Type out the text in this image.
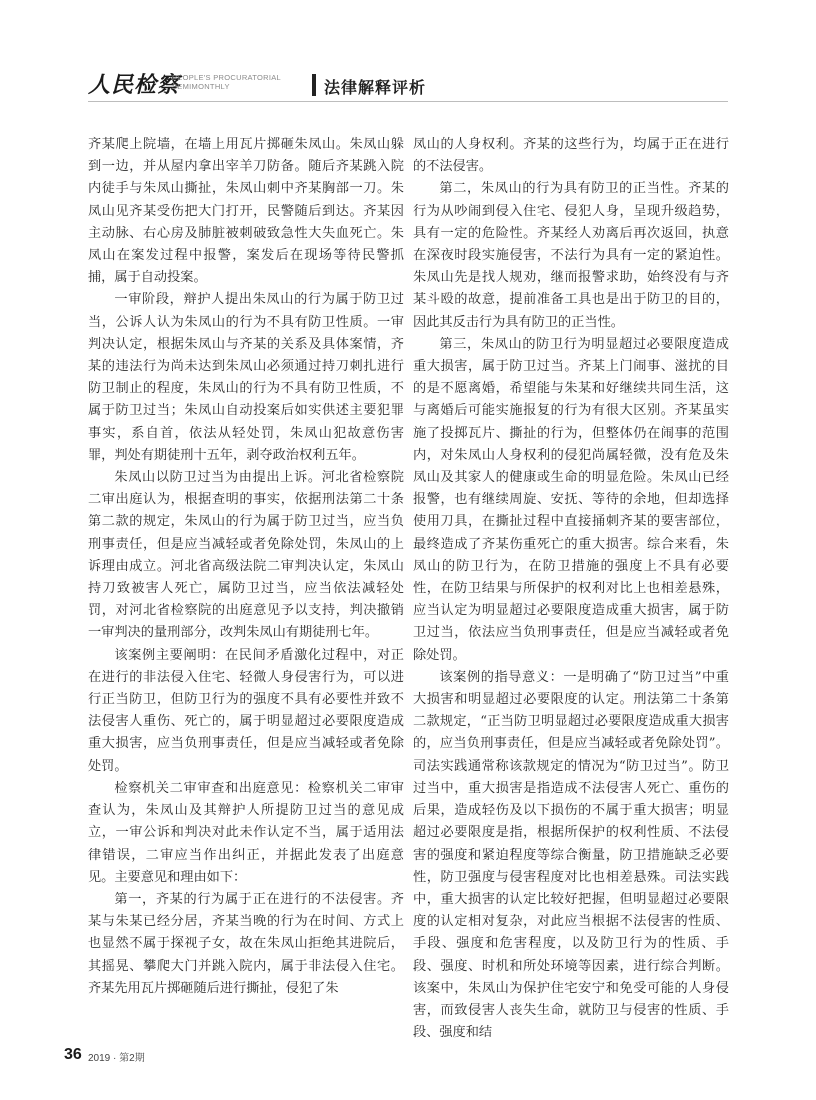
人民检察
PEOPLE'S PROCURATORIAL
SEMIMONTHLY	法律解释评析

齐某爬上院墙，在墙上用瓦片掷砸朱凤山。朱凤山躲到一边，并从屋内拿出宰羊刀防备。随后齐某跳入院内徒手与朱凤山撕扯，朱凤山刺中齐某胸部一刀。朱凤山见齐某受伤把大门打开，民警随后到达。齐某因主动脉、右心房及肺脏被刺破致急性大失血死亡。朱凤山在案发过程中报警，案发后在现场等待民警抓捕，属于自动投案。

一审阶段，辩护人提出朱凤山的行为属于防卫过当，公诉人认为朱凤山的行为不具有防卫性质。一审判决认定，根据朱凤山与齐某的关系及具体案情，齐某的违法行为尚未达到朱凤山必须通过持刀刺扎进行防卫制止的程度，朱凤山的行为不具有防卫性质，不属于防卫过当；朱凤山自动投案后如实供述主要犯罪事实，系自首，依法从轻处罚，朱凤山犯故意伤害罪，判处有期徒刑十五年，剥夺政治权利五年。

朱凤山以防卫过当为由提出上诉。河北省检察院二审出庭认为，根据查明的事实，依据刑法第二十条第二款的规定，朱凤山的行为属于防卫过当，应当负刑事责任，但是应当减轻或者免除处罚，朱凤山的上诉理由成立。河北省高级法院二审判决认定，朱凤山持刀致被害人死亡，属防卫过当，应当依法减轻处罚，对河北省检察院的出庭意见予以支持，判决撤销一审判决的量刑部分，改判朱凤山有期徒刑七年。

该案例主要阐明：在民间矛盾激化过程中，对正在进行的非法侵入住宅、轻微人身侵害行为，可以进行正当防卫，但防卫行为的强度不具有必要性并致不法侵害人重伤、死亡的，属于明显超过必要限度造成重大损害，应当负刑事责任，但是应当减轻或者免除处罚。

检察机关二审审查和出庭意见：检察机关二审审查认为，朱凤山及其辩护人所提防卫过当的意见成立，一审公诉和判决对此未作认定不当，属于适用法律错误，二审应当作出纠正，并据此发表了出庭意见。主要意见和理由如下：

第一，齐某的行为属于正在进行的不法侵害。齐某与朱某已经分居，齐某当晚的行为在时间、方式上也显然不属于探视子女，故在朱凤山拒绝其进院后，其摇晃、攀爬大门并跳入院内，属于非法侵入住宅。齐某先用瓦片掷砸随后进行撕扯，侵犯了朱

凤山的人身权利。齐某的这些行为，均属于正在进行的不法侵害。

第二，朱凤山的行为具有防卫的正当性。齐某的行为从吵闹到侵入住宅、侵犯人身，呈现升级趋势，具有一定的危险性。齐某经人劝离后再次返回，执意在深夜时段实施侵害，不法行为具有一定的紧迫性。朱凤山先是找人规劝，继而报警求助，始终没有与齐某斗殴的故意，提前准备工具也是出于防卫的目的，因此其反击行为具有防卫的正当性。

第三，朱凤山的防卫行为明显超过必要限度造成重大损害，属于防卫过当。齐某上门闹事、滋扰的目的是不愿离婚，希望能与朱某和好继续共同生活，这与离婚后可能实施报复的行为有很大区别。齐某虽实施了投掷瓦片、撕扯的行为，但整体仍在闹事的范围内，对朱凤山人身权利的侵犯尚属轻微，没有危及朱凤山及其家人的健康或生命的明显危险。朱凤山已经报警，也有继续周旋、安抚、等待的余地，但却选择使用刀具，在撕扯过程中直接捅刺齐某的要害部位，最终造成了齐某伤重死亡的重大损害。综合来看，朱凤山的防卫行为，在防卫措施的强度上不具有必要性，在防卫结果与所保护的权利对比上也相差悬殊，应当认定为明显超过必要限度造成重大损害，属于防卫过当，依法应当负刑事责任，但是应当减轻或者免除处罚。

该案例的指导意义：一是明确了“防卫过当”中重大损害和明显超过必要限度的认定。刑法第二十条第二款规定，“正当防卫明显超过必要限度造成重大损害的，应当负刑事责任，但是应当减轻或者免除处罚”。司法实践通常称该款规定的情况为“防卫过当”。防卫过当中，重大损害是指造成不法侵害人死亡、重伤的后果，造成轻伤及以下损伤的不属于重大损害；明显超过必要限度是指，根据所保护的权利性质、不法侵害的强度和紧迫程度等综合衡量，防卫措施缺乏必要性，防卫强度与侵害程度对比也相差悬殊。司法实践中，重大损害的认定比较好把握，但明显超过必要限度的认定相对复杂，对此应当根据不法侵害的性质、手段、强度和危害程度，以及防卫行为的性质、手段、强度、时机和所处环境等因素，进行综合判断。该案中，朱凤山为保护住宅安宁和免受可能的人身侵害，而致侵害人丧失生命，就防卫与侵害的性质、手段、强度和结

36 2019 · 第2期
